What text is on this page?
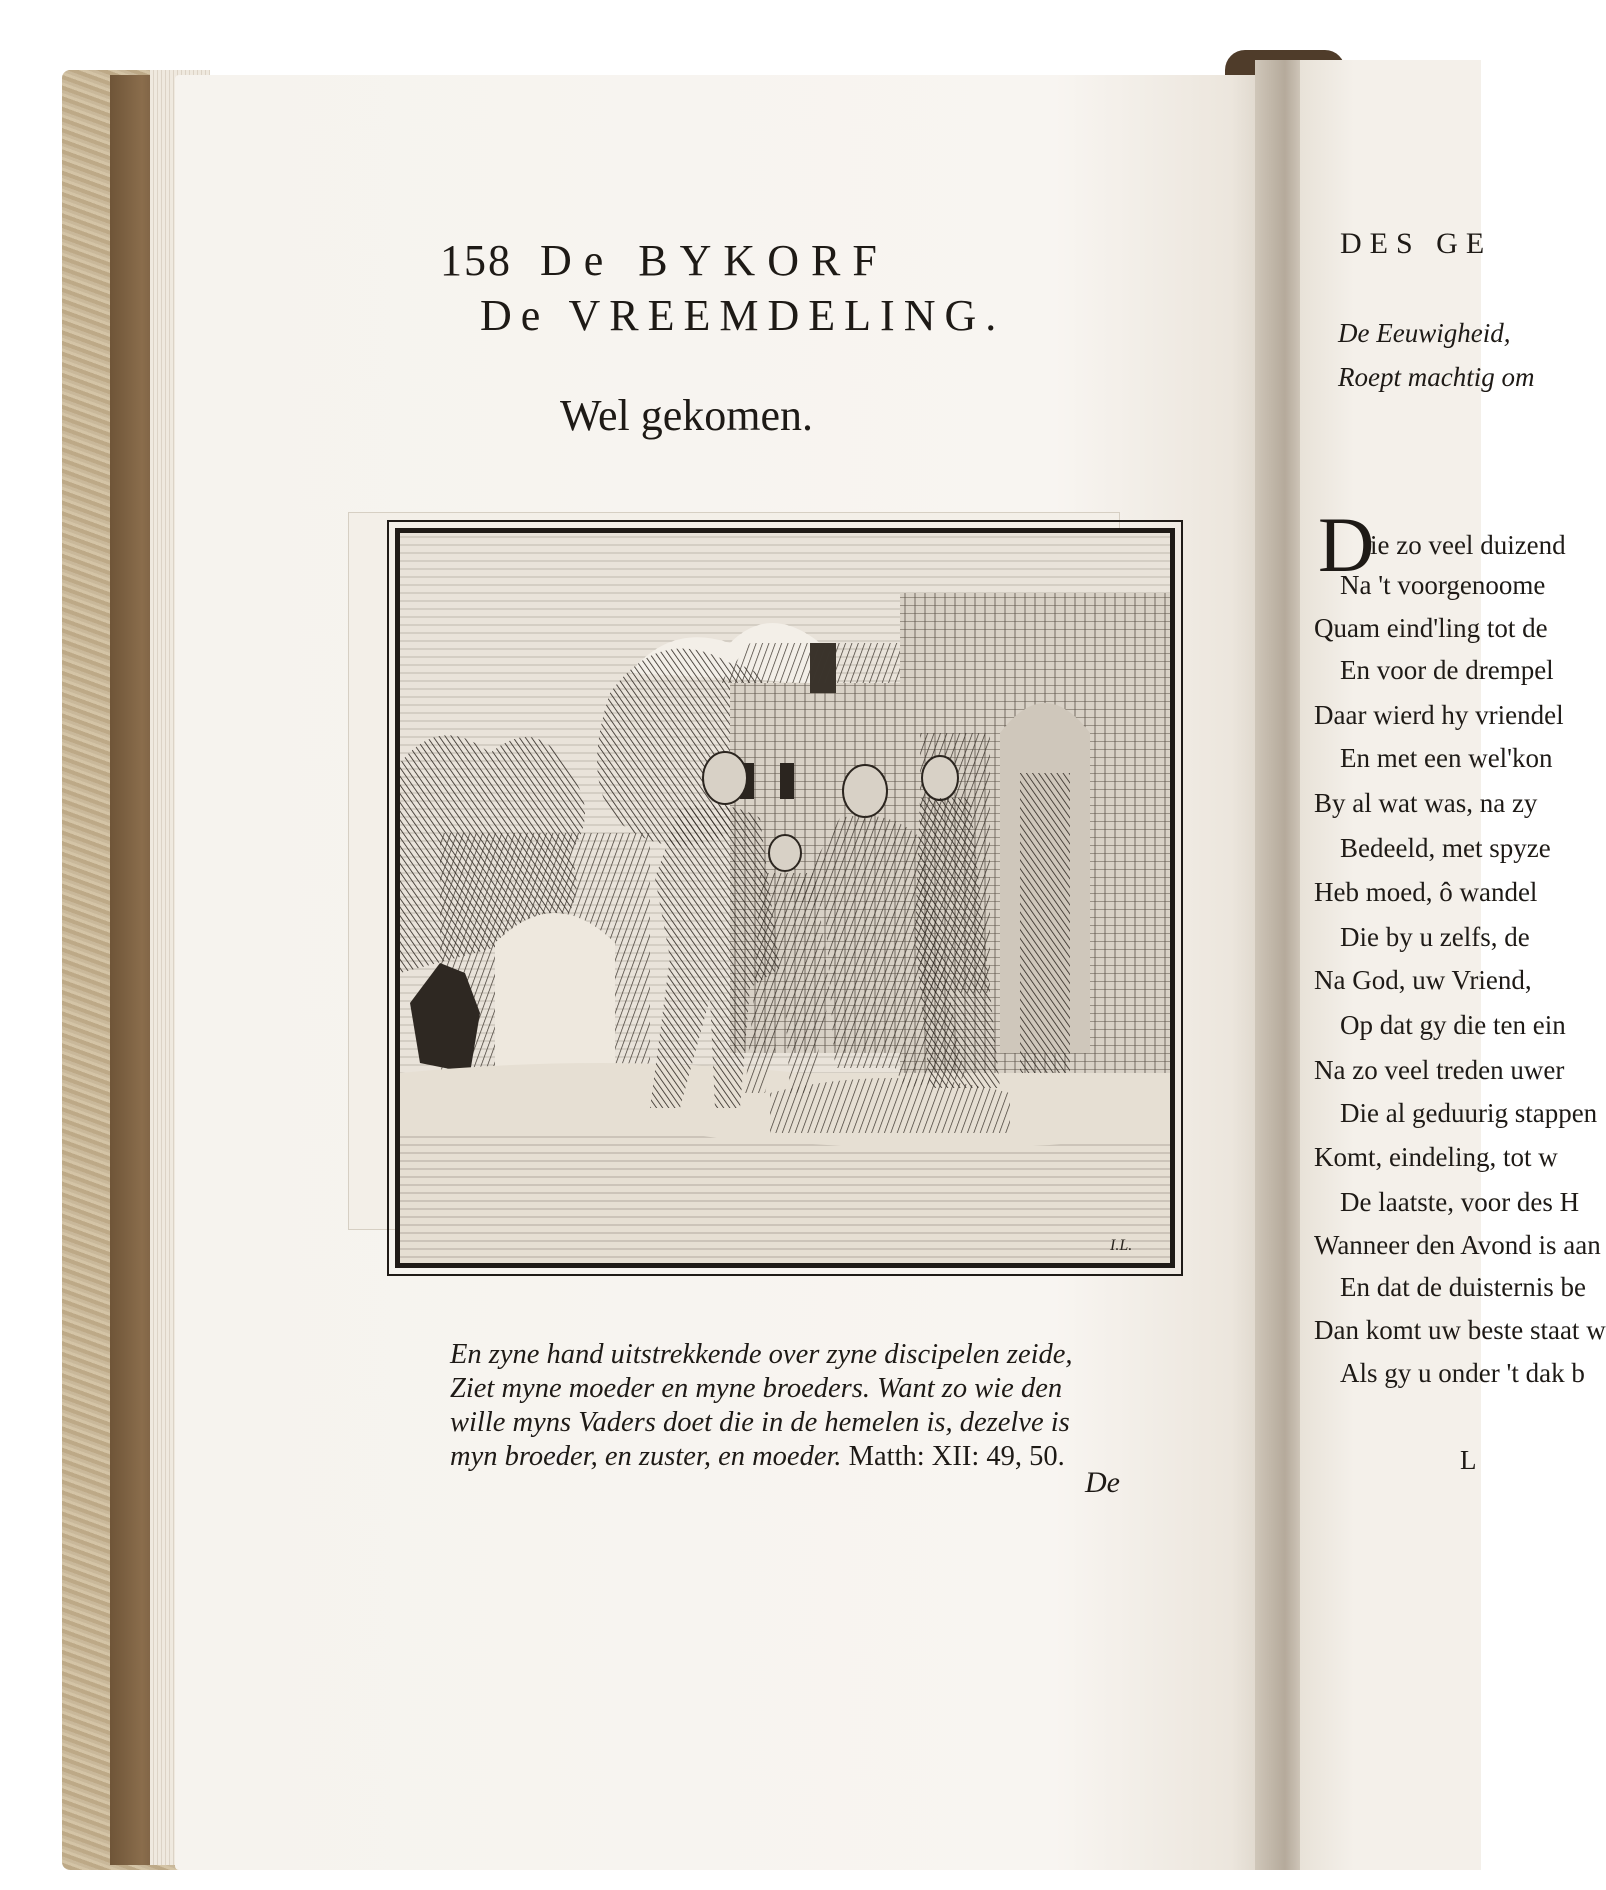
158 De BYKORF
De VREEMDELING.
Wel gekomen.
I.L.
En zyne hand uitstrekkende over zyne discipelen zeide,
Ziet myne moeder en myne broeders. Want zo wie den
wille myns Vaders doet die in de hemelen is, dezelve is
myn broeder, en zuster, en moeder. Matth: XII: 49, 50.
De
DES GE
De Eeuwigheid,
Roept machtig om
D
ie zo veel duizend
Na 't voorgenoome
Quam eind'ling tot de
En voor de drempel
Daar wierd hy vriendel
En met een wel'kon
By al wat was, na zy
Bedeeld, met spyze
Heb moed, ô wandel
Die by u zelfs, de
Na God, uw Vriend,
Op dat gy die ten ein
Na zo veel treden uwer
Die al geduurig stappen
Komt, eindeling, tot w
De laatste, voor des H
Wanneer den Avond is aan
En dat de duisternis be
Dan komt uw beste staat w
Als gy u onder 't dak b
L
